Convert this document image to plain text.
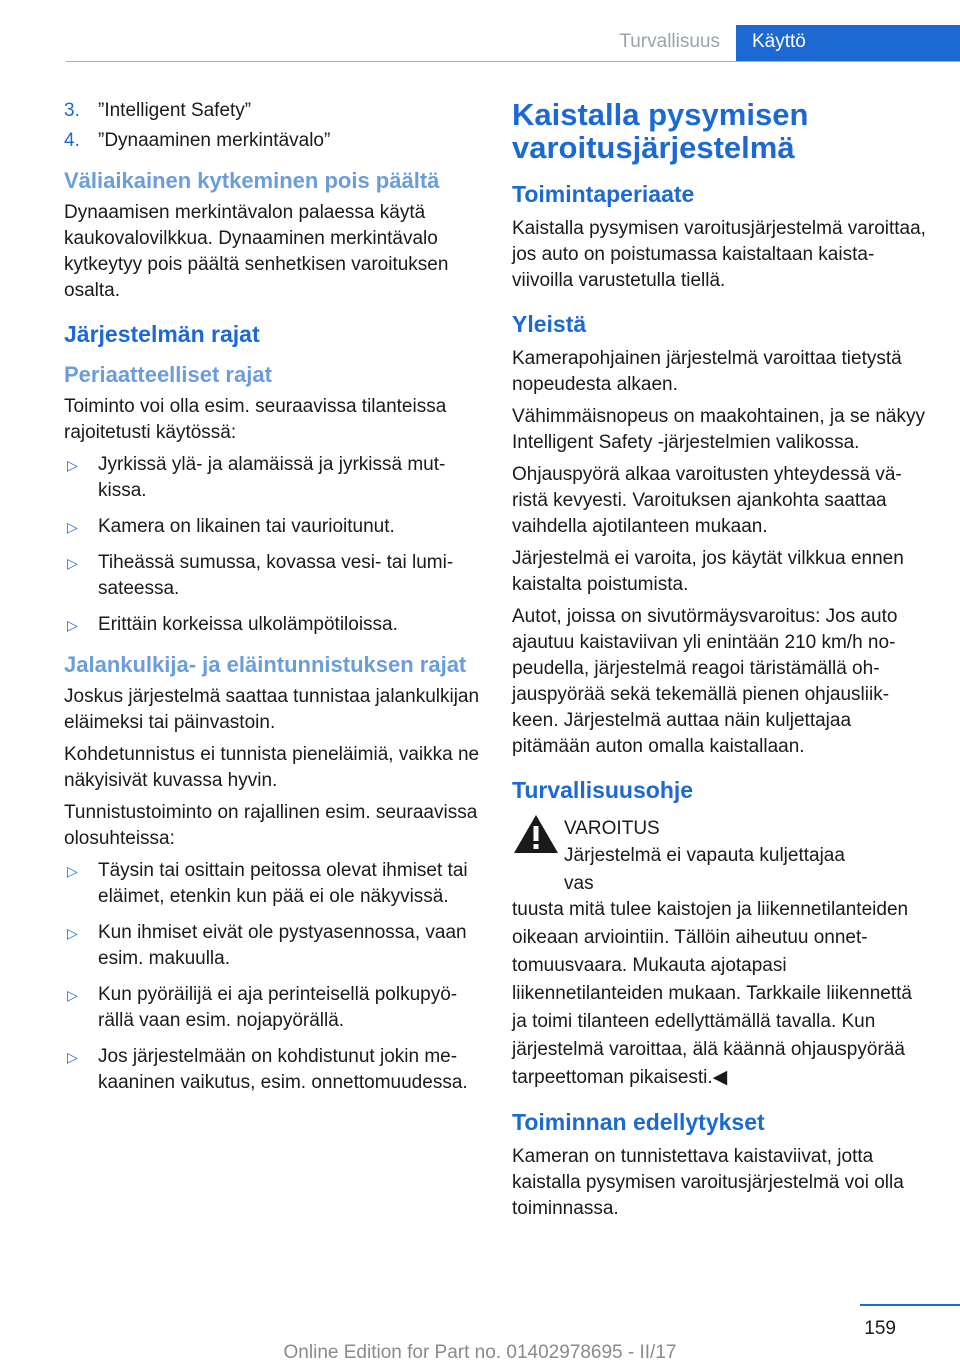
Turvallisuus	Käyttö
3. ”Intelligent Safety”
4. ”Dynaaminen merkintävalo”
Väliaikainen kytkeminen pois päältä

Dynaamisen merkintävalon palaessa käytä kaukovalovilkkua. Dynaaminen merkintävalo kytkeytyy pois päältä senhetkisen varoituksen osalta.

Järjestelmän rajat
Periaatteelliset rajat

Toiminto voi olla esim. seuraavissa tilanteissa rajoitetusti käytössä:

▷	Jyrkissä ylä- ja alamäissä ja jyrkissä mutkissa.
▷	Kamera on likainen tai vaurioitunut.
▷	Tiheässä sumussa, kovassa vesi- tai lumisateessa.
▷	Erittäin korkeissa ulkolämpötiloissa.
Jalankulkija- ja eläintunnistuksen rajat

Joskus järjestelmä saattaa tunnistaa jalankulkijan eläimeksi tai päinvastoin.

Kohdetunnistus ei tunnista pieneläimiä, vaikka ne näkyisivät kuvassa hyvin.

Tunnistustoiminto on rajallinen esim. seuraavissa olosuhteissa:

▷	Täysin tai osittain peitossa olevat ihmiset tai eläimet, etenkin kun pää ei ole näkyvissä.
▷	Kun ihmiset eivät ole pystyasennossa, vaan esim. makuulla.
▷	Kun pyöräilijä ei aja perinteisellä polkupyörällä vaan esim. nojapyörällä.
▷	Jos järjestelmään on kohdistunut jokin mekaaninen vaikutus, esim. onnettomuudessa.
Kaistalla pysymisen varoitusjärjestelmä
Toimintaperiaate

Kaistalla pysymisen varoitusjärjestelmä varoittaa, jos auto on poistumassa kaistaltaan kaistaviivoilla varustetulla tiellä.

Yleistä

Kamerapohjainen järjestelmä varoittaa tietystä nopeudesta alkaen.

Vähimmäisnopeus on maakohtainen, ja se näkyy Intelligent Safety -järjestelmien valikossa.

Ohjauspyörä alkaa varoitusten yhteydessä väristä kevyesti. Varoituksen ajankohta saattaa vaihdella ajotilanteen mukaan.

Järjestelmä ei varoita, jos käytät vilkkua ennen kaistalta poistumista.

Autot, joissa on sivutörmäysvaroitus: Jos auto ajautuu kaistaviivan yli enintään 210 km/h nopeudella, järjestelmä reagoi täristämällä ohjauspyörää sekä tekemällä pienen ohjausliikkeen. Järjestelmä auttaa näin kuljettajaa pitämään auton omalla kaistallaan.

Turvallisuusohje
VAROITUS
Järjestelmä ei vapauta kuljettajaa vas

tuusta mitä tulee kaistojen ja liikennetilanteiden oikeaan arviointiin. Tällöin aiheutuu onnettomuusvaara. Mukauta ajotapasi liikennetilanteiden mukaan. Tarkkaile liikennettä ja toimi tilanteen edellyttämällä tavalla. Kun järjestelmä varoittaa, älä käännä ohjauspyörää tarpeettoman pikaisesti.◀

Toiminnan edellytykset

Kameran on tunnistettava kaistaviivat, jotta kaistalla pysymisen varoitusjärjestelmä voi olla toiminnassa.

159
Online Edition for Part no. 01402978695 - II/17
